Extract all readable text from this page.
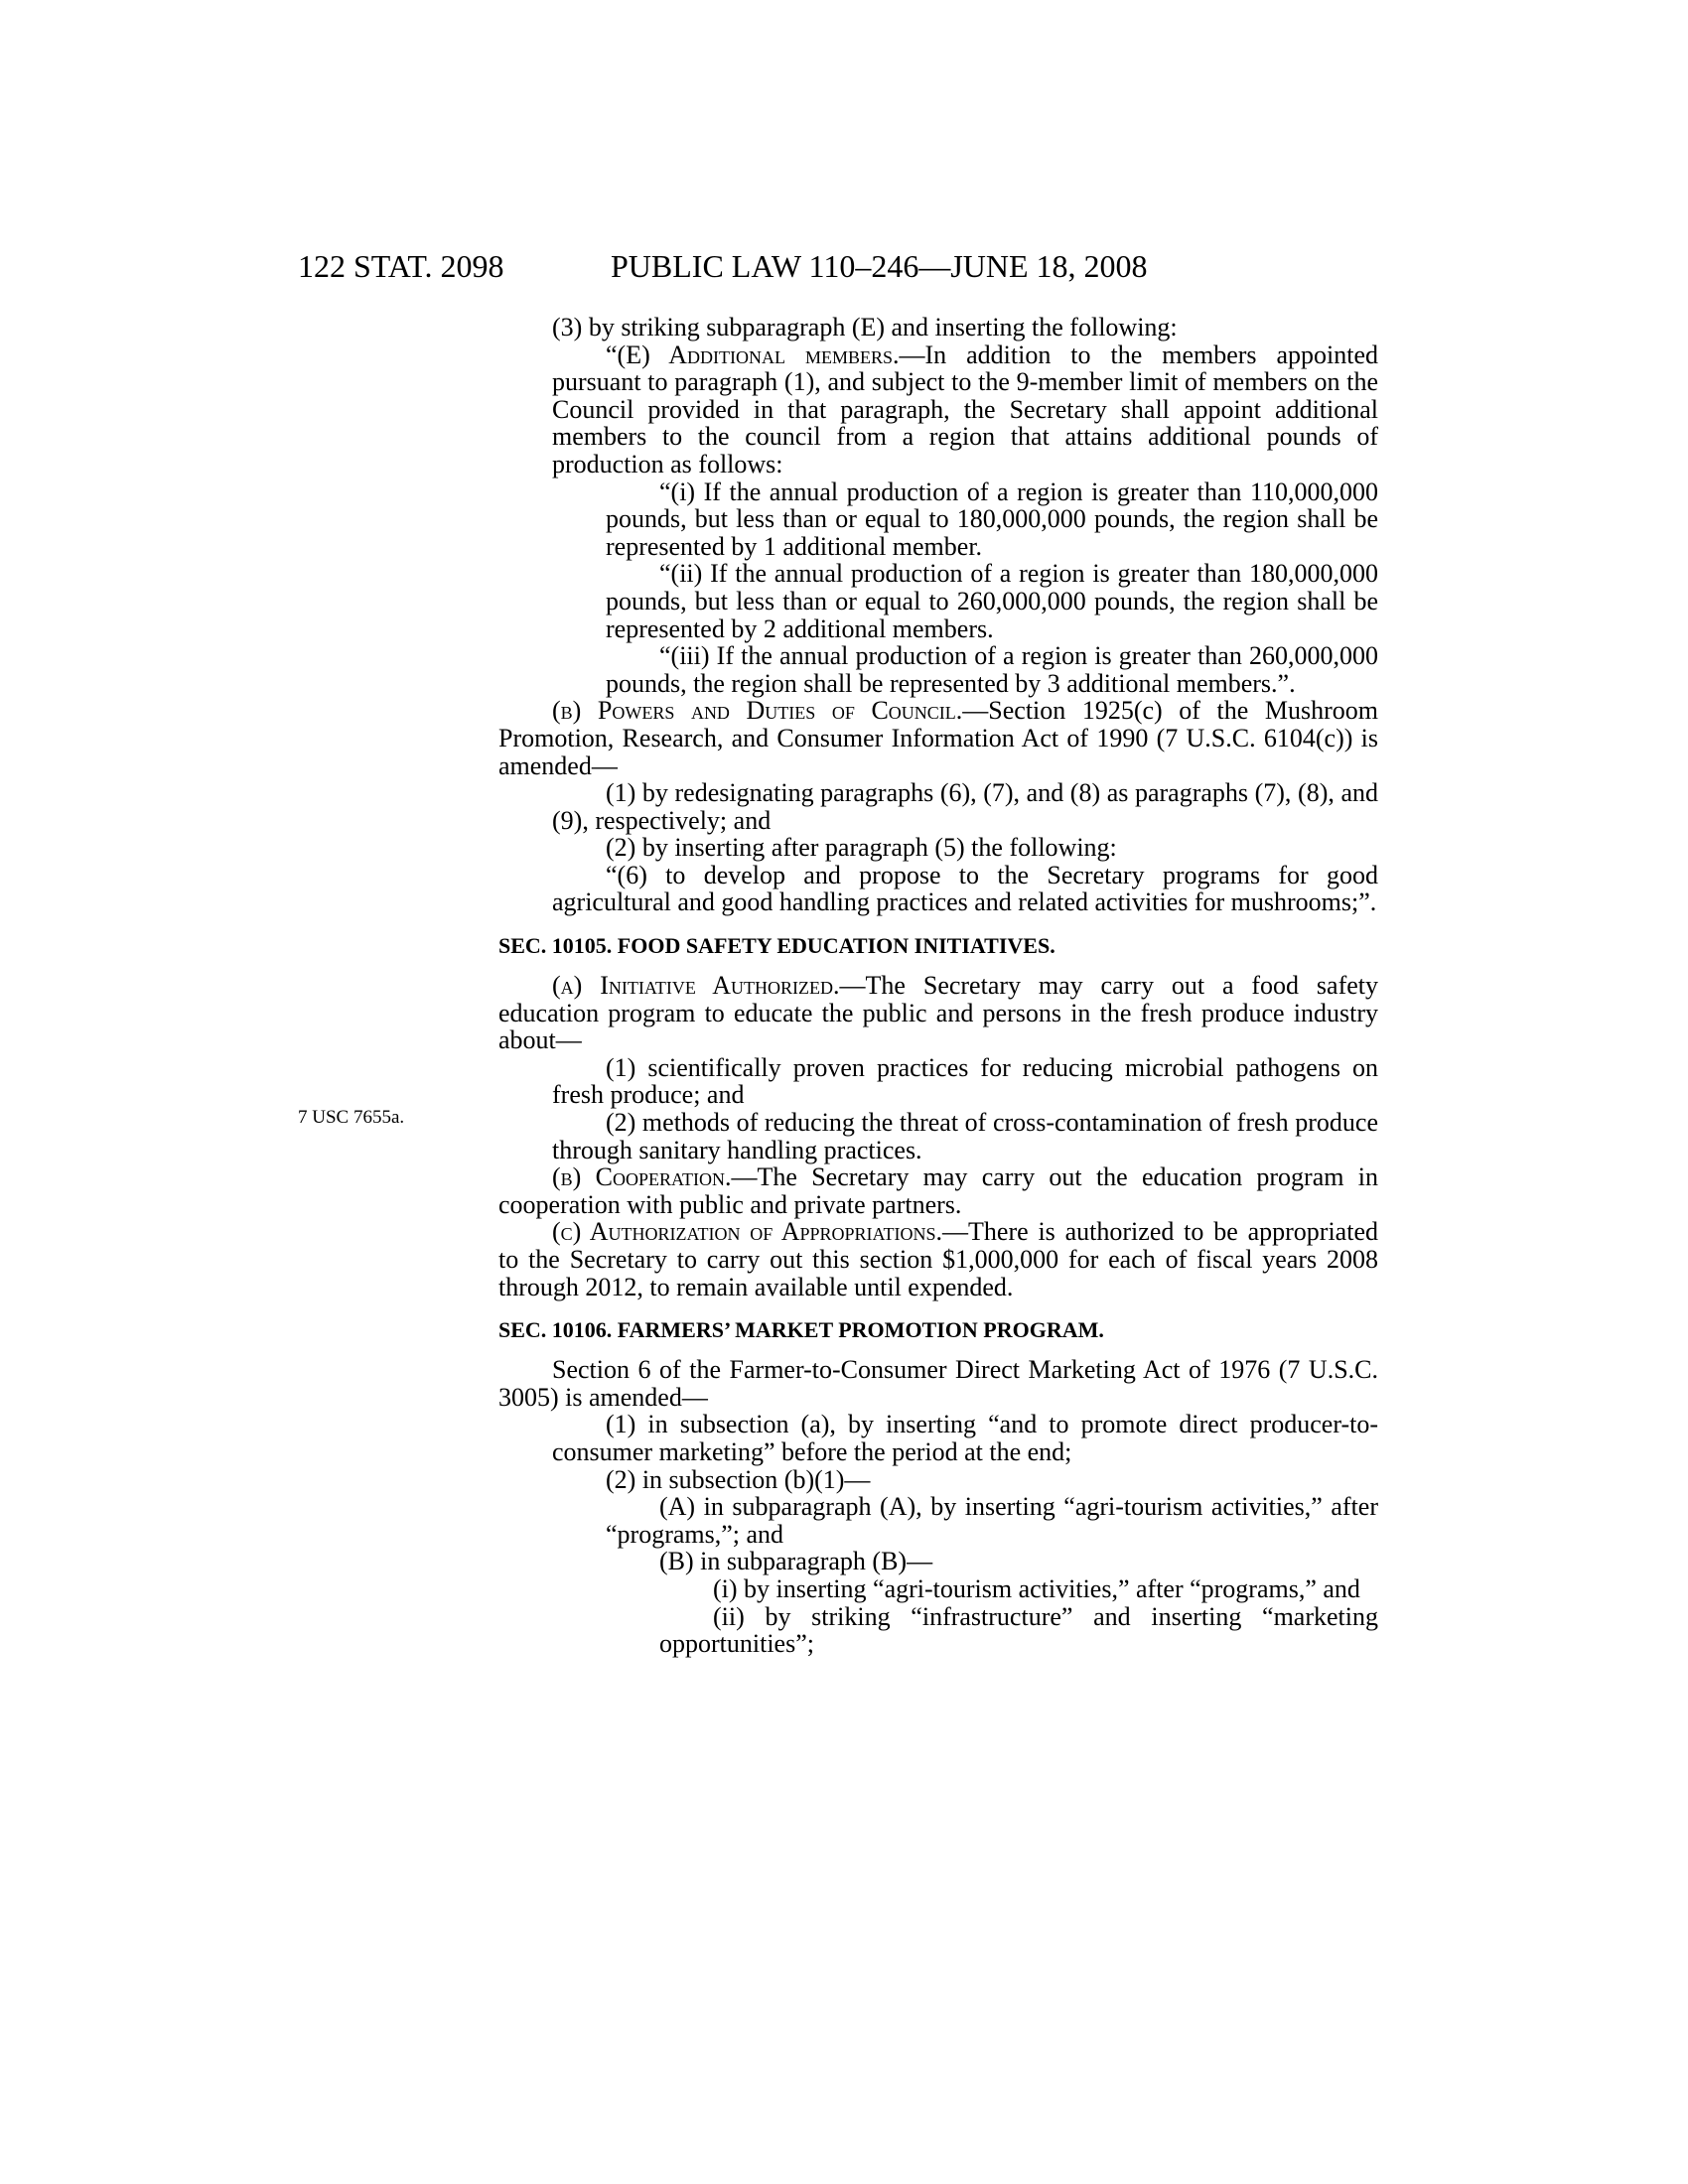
122 STAT. 2098	PUBLIC LAW 110–246—JUNE 18, 2008
7 USC 7655a.

(3) by striking subparagraph (E) and inserting the following:

“(E) Additional members.—In addition to the members appointed pursuant to paragraph (1), and subject to the 9-member limit of members on the Council provided in that paragraph, the Secretary shall appoint additional members to the council from a region that attains additional pounds of production as follows:

“(i) If the annual production of a region is greater than 110,000,000 pounds, but less than or equal to 180,000,000 pounds, the region shall be represented by 1 additional member.

“(ii) If the annual production of a region is greater than 180,000,000 pounds, but less than or equal to 260,000,000 pounds, the region shall be represented by 2 additional members.

“(iii) If the annual production of a region is greater than 260,000,000 pounds, the region shall be represented by 3 additional members.”.

(b) Powers and Duties of Council.—Section 1925(c) of the Mushroom Promotion, Research, and Consumer Information Act of 1990 (7 U.S.C. 6104(c)) is amended—

(1) by redesignating paragraphs (6), (7), and (8) as paragraphs (7), (8), and (9), respectively; and

(2) by inserting after paragraph (5) the following:

“(6) to develop and propose to the Secretary programs for good agricultural and good handling practices and related activities for mushrooms;”.

SEC. 10105. FOOD SAFETY EDUCATION INITIATIVES.

(a) Initiative Authorized.—The Secretary may carry out a food safety education program to educate the public and persons in the fresh produce industry about—

(1) scientifically proven practices for reducing microbial pathogens on fresh produce; and

(2) methods of reducing the threat of cross-contamination of fresh produce through sanitary handling practices.

(b) Cooperation.—The Secretary may carry out the education program in cooperation with public and private partners.

(c) Authorization of Appropriations.—There is authorized to be appropriated to the Secretary to carry out this section $1,000,000 for each of fiscal years 2008 through 2012, to remain available until expended.

SEC. 10106. FARMERS’ MARKET PROMOTION PROGRAM.

Section 6 of the Farmer-to-Consumer Direct Marketing Act of 1976 (7 U.S.C. 3005) is amended—

(1) in subsection (a), by inserting “and to promote direct producer-to-consumer marketing” before the period at the end;

(2) in subsection (b)(1)—

(A) in subparagraph (A), by inserting “agri-tourism activities,” after “programs,”; and

(B) in subparagraph (B)—

(i) by inserting “agri-tourism activities,” after “programs,” and

(ii) by striking “infrastructure” and inserting “marketing opportunities”;
